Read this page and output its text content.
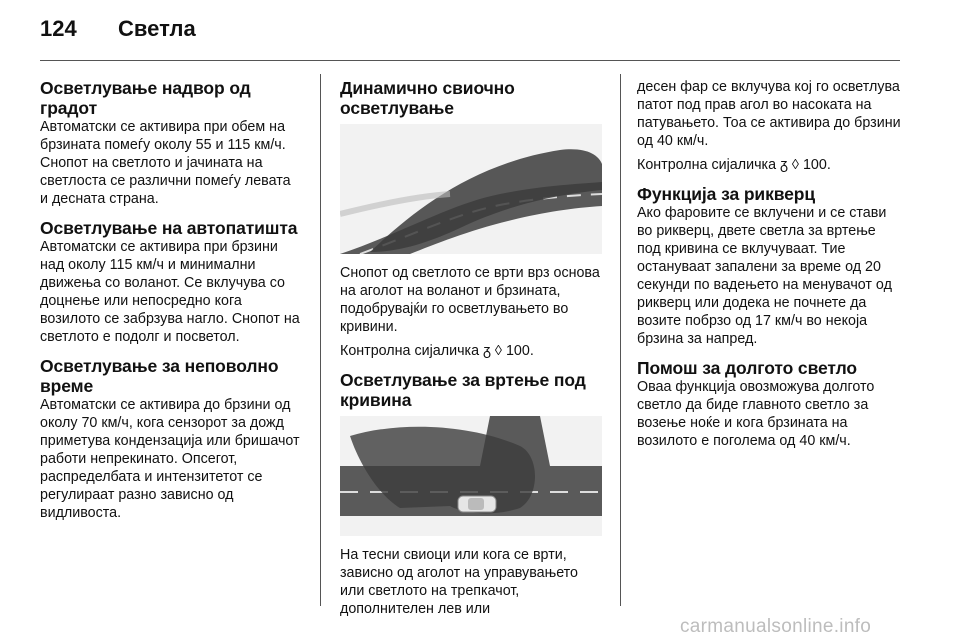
124 Светла
Осветлување надвор од градот

Автоматски се активира при обем на брзината помеѓу околу 55 и 115 км/ч. Снопот на светлото и јачината на светлоста се различни помеѓу левата и десната страна.

Осветлување на автопатишта

Автоматски се активира при брзини над околу 115 км/ч и минимални движења со воланот. Се вклучува со доцнење или непосредно кога возилото се забрзува нагло. Снопот на светлото е подолг и посветол.

Осветлување за неповолно време

Автоматски се активира до брзини од околу 70 км/ч, кога сензорот за дожд приметува кондензација или бришачот работи непрекинато. Опсегот, распределбата и интензитетот се регулираат разно зависно од видливоста.

Динамично свиочно осветлување

Снопот од светлото се врти врз основа на аголот на воланот и брзината, подобрувајќи го осветлувањето во кривини.

Контролна сијаличка ᵹ ◊ 100.

Осветлување за вртење под кривина

На тесни свиоци или кога се врти, зависно од аголот на управувањето или светлото на трепкачот, дополнителен лев или

десен фар се вклучува кој го осветлува патот под прав агол во насоката на патувањето. Тоа се активира до брзини од 40 км/ч.

Контролна сијаличка ᵹ ◊ 100.

Функција за рикверц

Ако фаровите се вклучени и се стави во рикверц, двете светла за вртење под кривина се вклучуваат. Тие остануваат запалени за време од 20 секунди по вадењето на менувачот од рикверц или додека не почнете да возите побрзо од 17 км/ч во некоја брзина за напред.

Помош за долгото светло

Оваа функција овозможува долгото светло да биде главното светло за возење ноќе и кога брзината на возилото е поголема од 40 км/ч.

carmanualsonline.info
